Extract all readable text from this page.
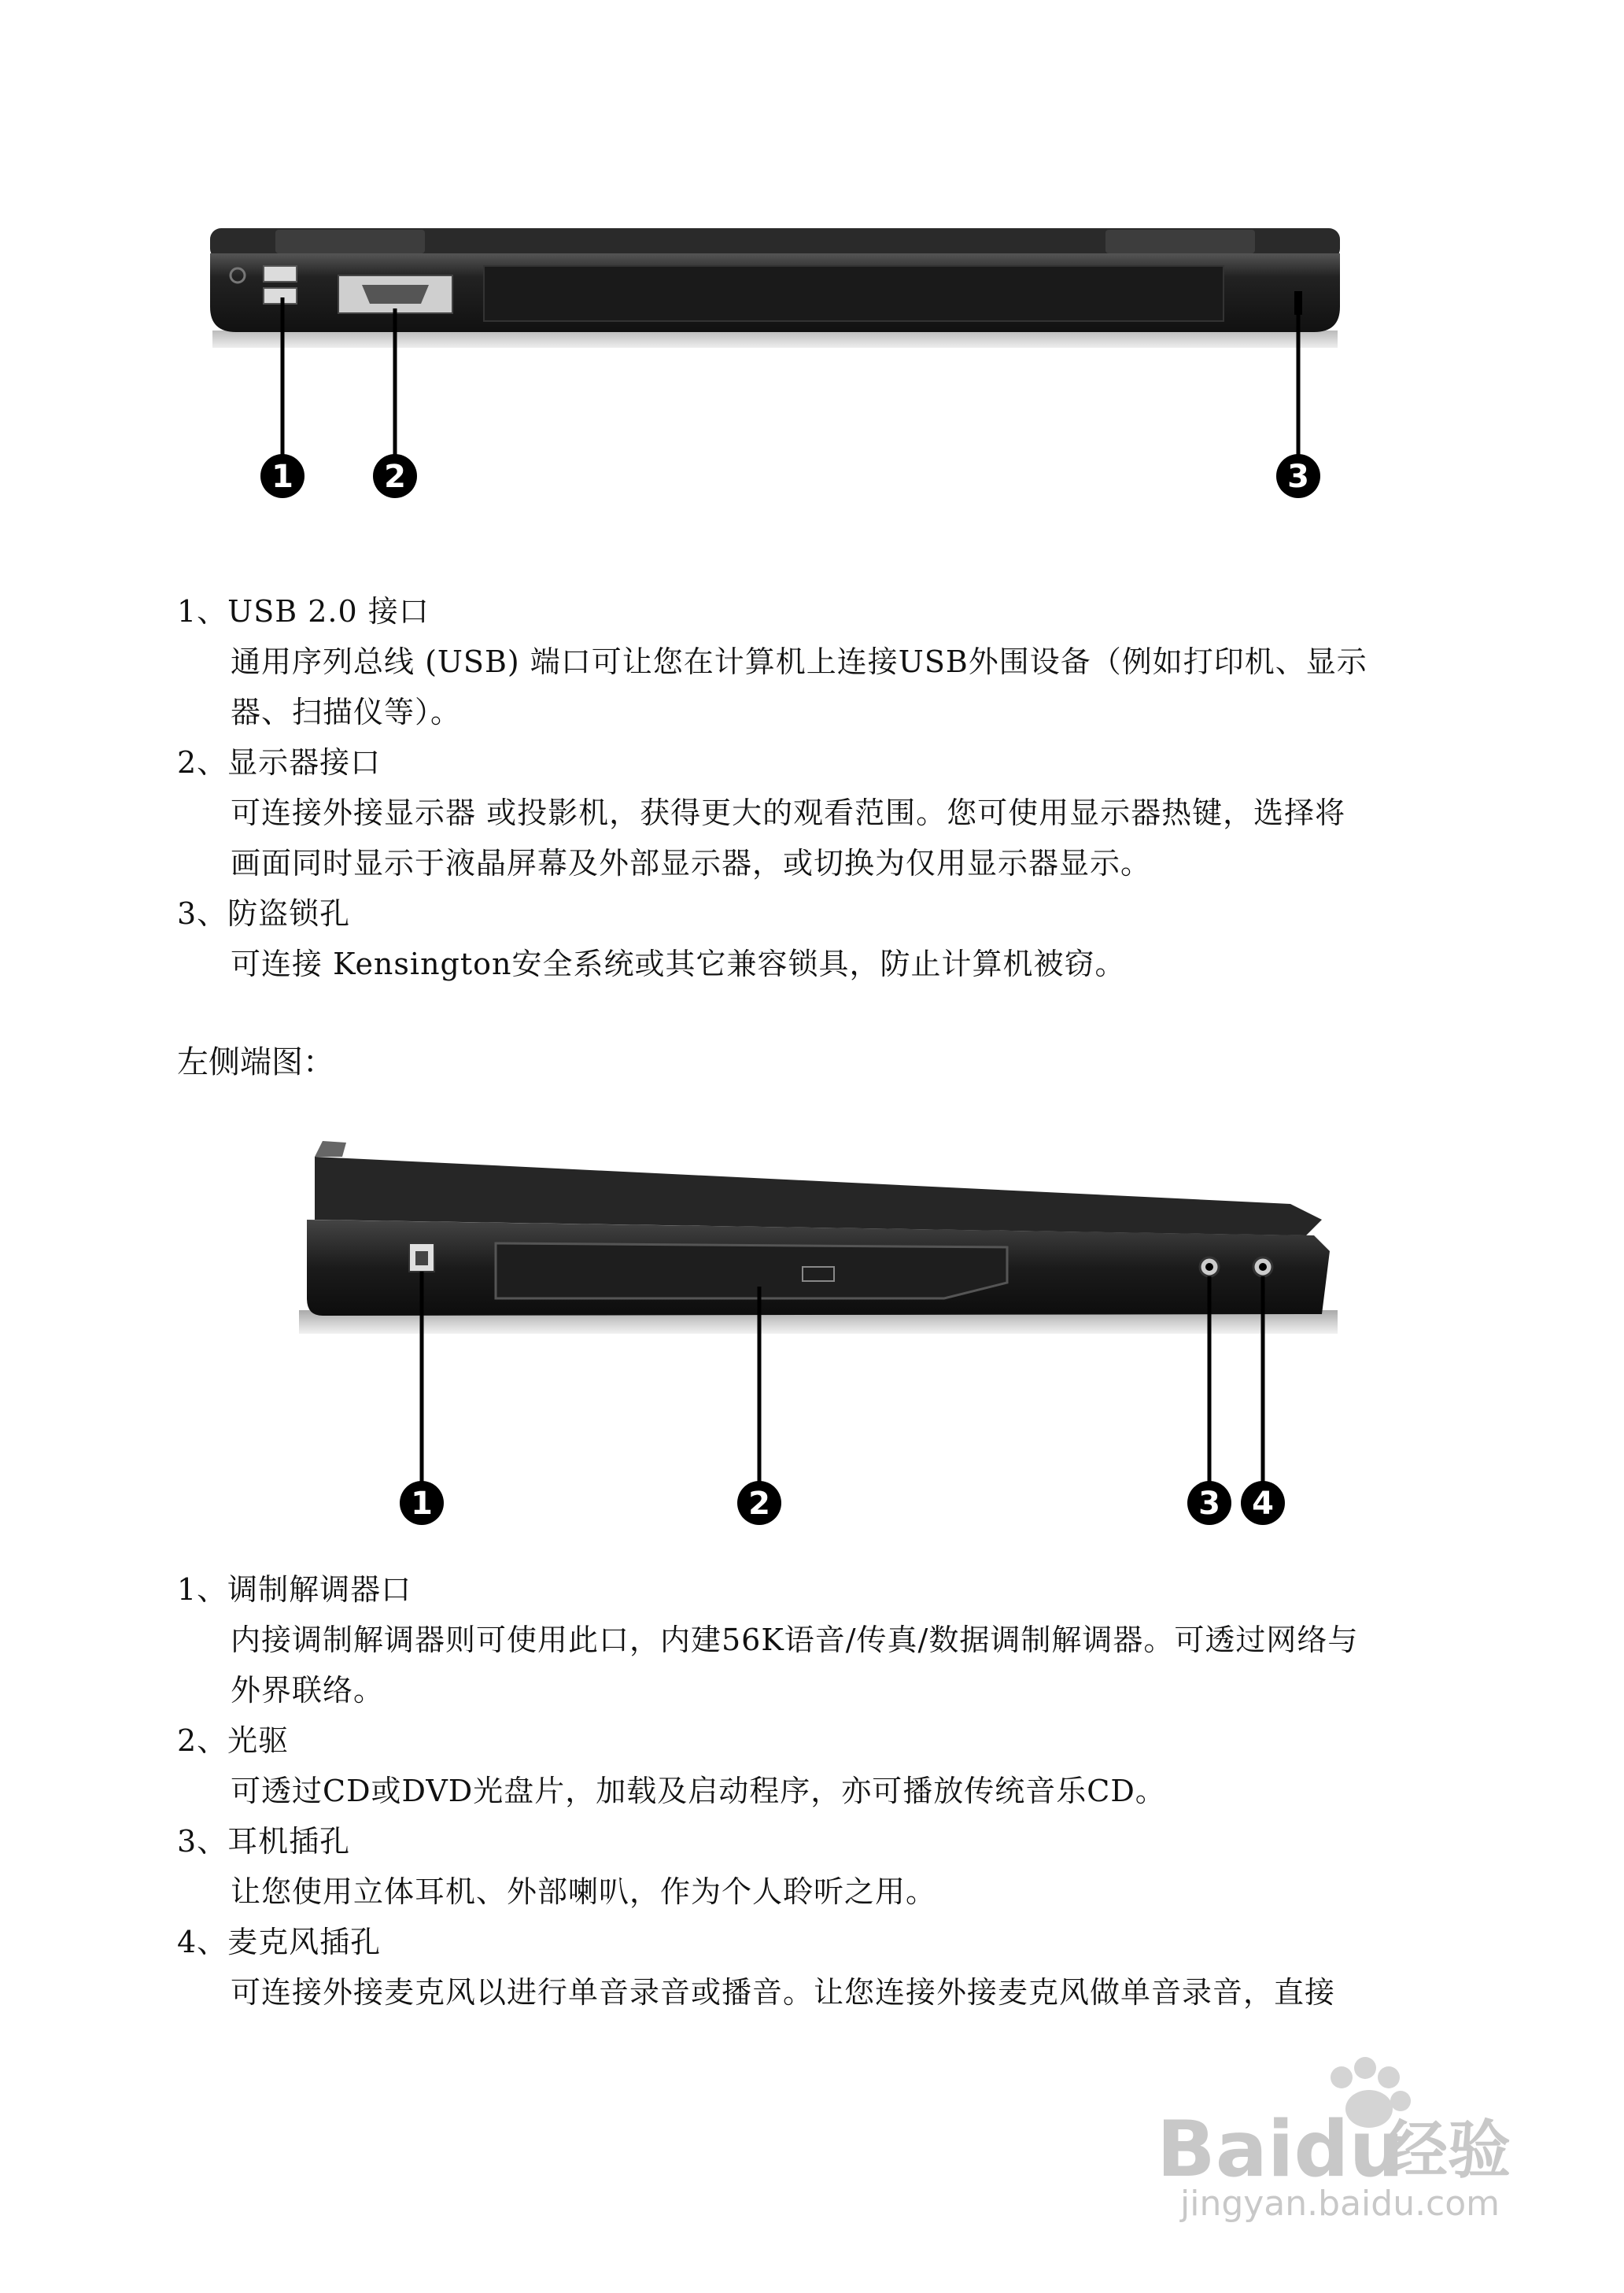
1	2	3
1、USB 2.0 接口
通用序列总线 (USB) 端口可让您在计算机上连接USB外围设备（例如打印机、显示
器、扫描仪等）。
2、显示器接口
可连接外接显示器 或投影机，获得更大的观看范围。您可使用显示器热键，选择将
画面同时显示于液晶屏幕及外部显示器，或切换为仅用显示器显示。
3、防盗锁孔
可连接 Kensington安全系统或其它兼容锁具，防止计算机被窃。
左侧端图：
1	2	3 4
1、调制解调器口
内接调制解调器则可使用此口，内建56K语音/传真/数据调制解调器。可透过网络与
外界联络。
2、光驱
可透过CD或DVD光盘片，加载及启动程序，亦可播放传统音乐CD。
3、耳机插孔
让您使用立体耳机、外部喇叭，作为个人聆听之用。
4、麦克风插孔
可连接外接麦克风以进行单音录音或播音。让您连接外接麦克风做单音录音，直接
Baidu
经验
jingyan.baidu.com
